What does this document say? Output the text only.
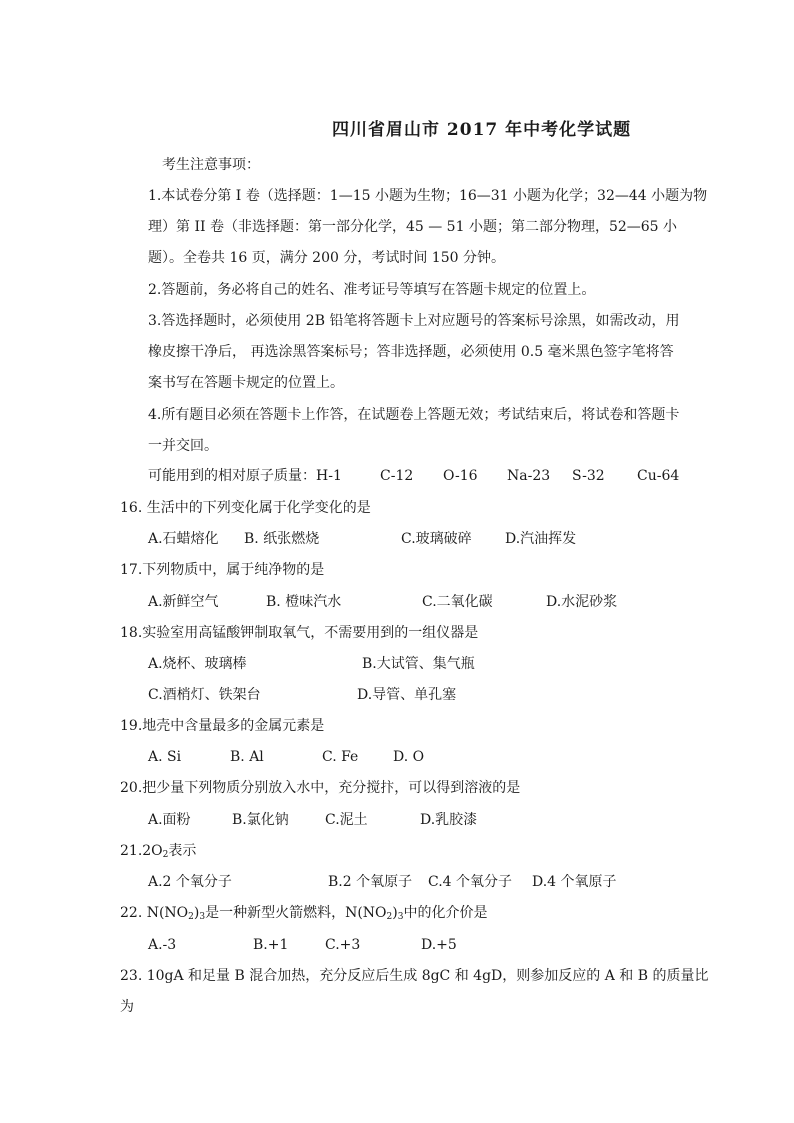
四川省眉山市 2017 年中考化学试题
考生注意事项：
1.本试卷分第 I 卷（选择题：1—15 小题为生物；16—31 小题为化学；32—44 小题为物
理）第 II 卷（非选择题：第一部分化学，45 — 51 小题；第二部分物理，52—65 小
题）。全卷共 16 页，满分 200 分，考试时间 150 分钟。
2.答题前，务必将自己的姓名、准考证号等填写在答题卡规定的位置上。
3.答选择题时，必须使用 2B 铅笔将答题卡上对应题号的答案标号涂黑，如需改动，用
橡皮擦干净后， 再选涂黑答案标号；答非选择题，必须使用 0.5 毫米黑色签字笔将答
案书写在答题卡规定的位置上。
4.所有题目必须在答题卡上作答，在试题卷上答题无效；考试结束后，将试卷和答题卡
一并交回。
可能用到的相对原子质量：H-1	C-12 O-16 Na-23 S-32 Cu-64
16. 生活中的下列变化属于化学变化的是
A.石蜡熔化 B. 纸张燃烧	C.玻璃破碎 D.汽油挥发
17.下列物质中，属于纯净物的是
A.新鲜空气	B. 橙味汽水	C.二氧化碳	D.水泥砂浆
18.实验室用高锰酸钾制取氧气，不需要用到的一组仪器是
A.烧杯、玻璃棒	B.大试管、集气瓶
C.酒梢灯、铁架台	D.导管、单孔塞
19.地壳中含量最多的金属元素是
A. Si	B. Al	C. Fe D. O
20.把少量下列物质分别放入水中，充分搅抃，可以得到溶液的是
A.面粉	B.氯化钠	C.泥土	D.乳胶漆
$21.2O_2$表示
A.2 个氧分子	B.2 个氧原子 C.4 个氧分子 D.4 个氧原子
22. $N(NO_2)_3$是一种新型火箭燃料，$N(NO_2)_3$中的化介价是
A.-3	B.+1	C.+3	D.+5
23. 10gA 和足量 B 混合加热，充分反应后生成 8gC 和 4gD，则参加反应的 A 和 B 的质量比
为
